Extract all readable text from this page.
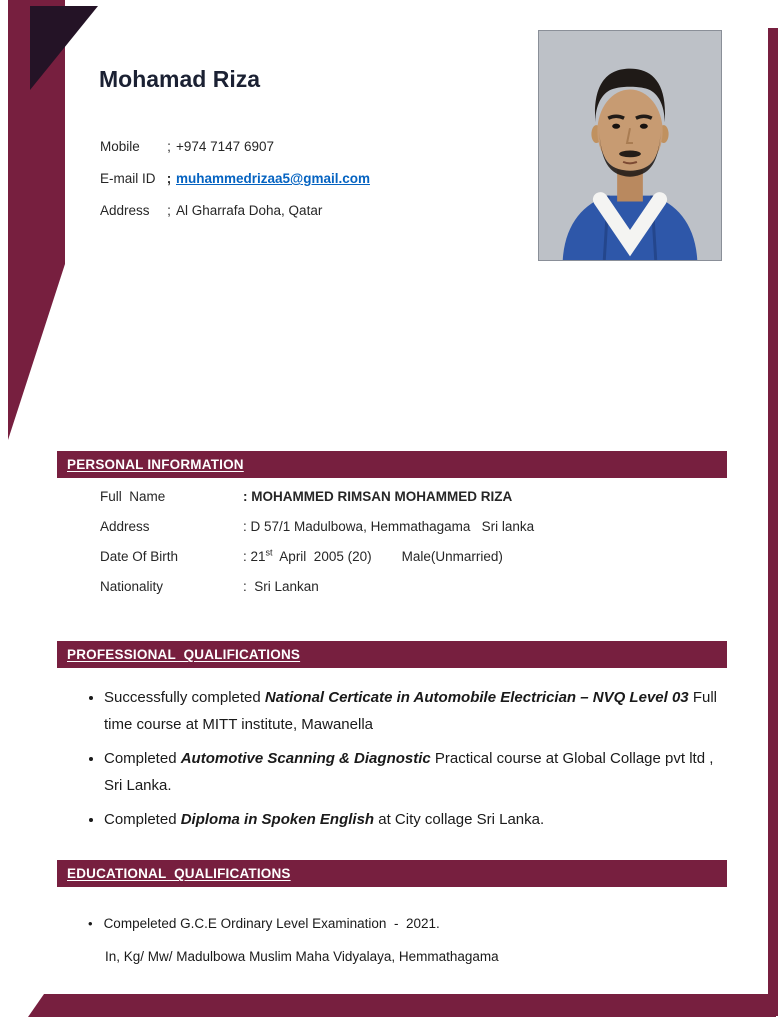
Mohamad Riza
Mobile	; +974 7147 6907
E-mail ID ; muhammedrizaa5@gmail.com
Address	; Al Gharrafa Doha, Qatar
PERSONAL INFORMATION
Full  Name	: MOHAMMED RIMSAN MOHAMMED RIZA
Address	: D 57/1 Madulbowa, Hemmathagama   Sri lanka
Date Of Birth	: 21st  April  2005 (20) Male(Unmarried)
Nationality	:  Sri Lankan
PROFESSIONAL  QUALIFICATIONS
• Successfully completed National Certicate in Automobile Electrician – NVQ Level 03 Full  time course at MITT institute, Mawanella
• Completed Automotive Scanning & Diagnostic Practical course at Global Collage pvt ltd , Sri Lanka.
• Completed Diploma in Spoken English at City collage Sri Lanka.
EDUCATIONAL  QUALIFICATIONS
• Compeleted G.C.E Ordinary Level Examination  -  2021.
In, Kg/ Mw/ Madulbowa Muslim Maha Vidyalaya, Hemmathagama
